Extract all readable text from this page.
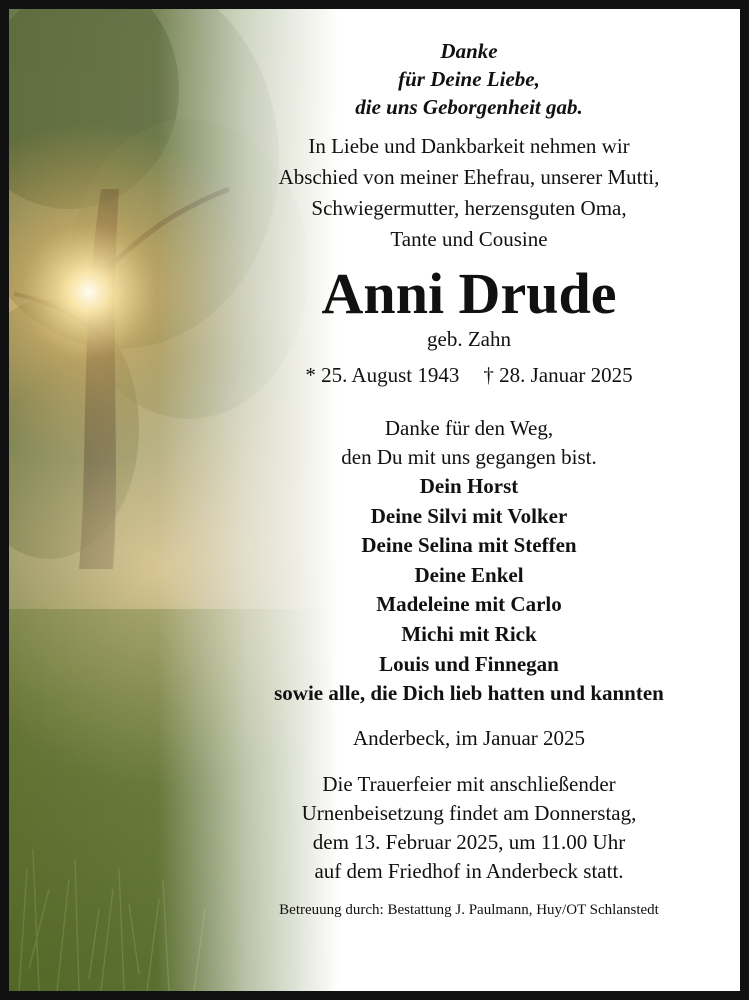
Danke
für Deine Liebe,
die uns Geborgenheit gab.
In Liebe und Dankbarkeit nehmen wir
Abschied von meiner Ehefrau, unserer Mutti,
Schwiegermutter, herzensguten Oma,
Tante und Cousine
Anni Drude
geb. Zahn
* 25. August 1943 † 28. Januar 2025
Danke für den Weg,
den Du mit uns gegangen bist.
Dein Horst
Deine Silvi mit Volker
Deine Selina mit Steffen
Deine Enkel
Madeleine mit Carlo
Michi mit Rick
Louis und Finnegan
sowie alle, die Dich lieb hatten und kannten
Anderbeck, im Januar 2025
Die Trauerfeier mit anschließender
Urnenbeisetzung findet am Donnerstag,
dem 13. Februar 2025, um 11.00 Uhr
auf dem Friedhof in Anderbeck statt.
Betreuung durch: Bestattung J. Paulmann, Huy/OT Schlanstedt
